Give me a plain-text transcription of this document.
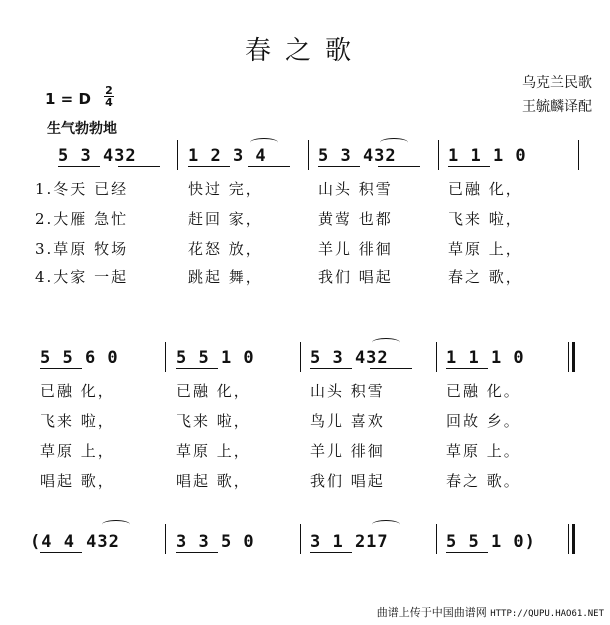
春之歌
乌克兰民歌
王毓麟译配
1 = D $\frac{2}{4}$
生气勃勃地
5 3 432	1 2 3 4	5 3 432	1 1 1 0
1.冬天 已经	快过 完，	山头 积雪	已融 化，
2.大雁 急忙	赶回 家，	黄莺 也都	飞来 啦，
3.草原 牧场	花怒 放，	羊儿 徘徊	草原 上，
4.大家 一起	跳起 舞，	我们 唱起	春之 歌，
5 5 6 0	5 5 1 0	5 3 432	1 1 1 0
已融 化，	已融 化，	山头 积雪	已融 化。
飞来 啦，	飞来 啦，	鸟儿 喜欢	回故 乡。
草原 上，	草原 上，	羊儿 徘徊	草原 上。
唱起 歌，	唱起 歌，	我们 唱起	春之 歌。
(4 4 432	3 3 5 0	3 1 217	5 5 1 0)
曲谱上传于中国曲谱网 HTTP://QUPU.HAO61.NET
